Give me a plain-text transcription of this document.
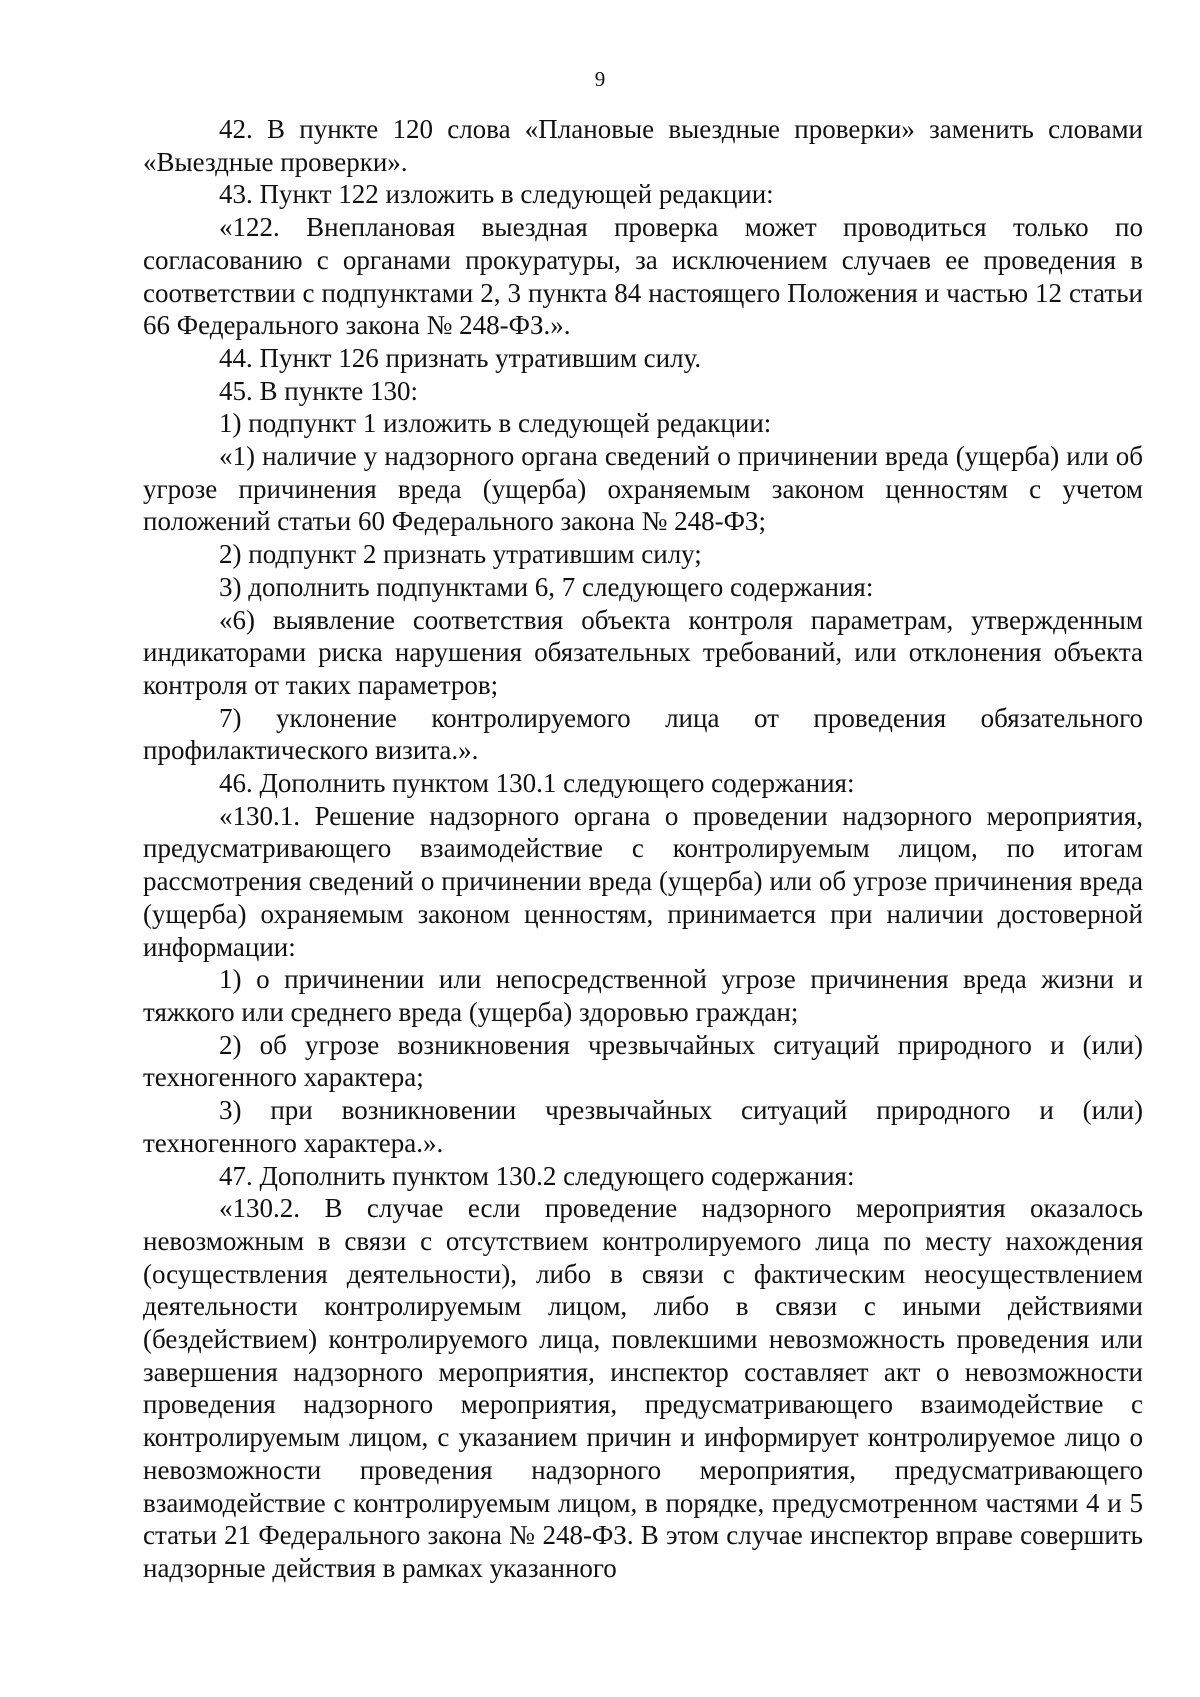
9

42. В пункте 120 слова «Плановые выездные проверки» заменить словами «Выездные проверки».

43. Пункт 122 изложить в следующей редакции:

«122. Внеплановая выездная проверка может проводиться только по согласованию с органами прокуратуры, за исключением случаев ее проведения в соответствии с подпунктами 2, 3 пункта 84 настоящего Положения и частью 12 статьи 66 Федерального закона № 248-ФЗ.».

44. Пункт 126 признать утратившим силу.

45. В пункте 130:

1) подпункт 1 изложить в следующей редакции:

«1) наличие у надзорного органа сведений о причинении вреда (ущерба) или об угрозе причинения вреда (ущерба) охраняемым законом ценностям с учетом положений статьи 60 Федерального закона № 248-ФЗ;

2) подпункт 2 признать утратившим силу;

3) дополнить подпунктами 6, 7 следующего содержания:

«6) выявление соответствия объекта контроля параметрам, утвержденным индикаторами риска нарушения обязательных требований, или отклонения объекта контроля от таких параметров;

7) уклонение контролируемого лица от проведения обязательного профилактического визита.».

46. Дополнить пунктом 130.1 следующего содержания:

«130.1. Решение надзорного органа о проведении надзорного мероприятия, предусматривающего взаимодействие с контролируемым лицом, по итогам рассмотрения сведений о причинении вреда (ущерба) или об угрозе причинения вреда (ущерба) охраняемым законом ценностям, принимается при наличии достоверной информации:

1) о причинении или непосредственной угрозе причинения вреда жизни и тяжкого или среднего вреда (ущерба) здоровью граждан;

2) об угрозе возникновения чрезвычайных ситуаций природного и (или) техногенного характера;

3) при возникновении чрезвычайных ситуаций природного и (или) техногенного характера.».

47. Дополнить пунктом 130.2 следующего содержания:

«130.2. В случае если проведение надзорного мероприятия оказалось невозможным в связи с отсутствием контролируемого лица по месту нахождения (осуществления деятельности), либо в связи с фактическим неосуществлением деятельности контролируемым лицом, либо в связи с иными действиями (бездействием) контролируемого лица, повлекшими невозможность проведения или завершения надзорного мероприятия, инспектор составляет акт о невозможности проведения надзорного мероприятия, предусматривающего взаимодействие с контролируемым лицом, с указанием причин и информирует контролируемое лицо о невозможности проведения надзорного мероприятия, предусматривающего взаимодействие с контролируемым лицом, в порядке, предусмотренном частями 4 и 5 статьи 21 Федерального закона № 248-ФЗ. В этом случае инспектор вправе совершить надзорные действия в рамках указанного
